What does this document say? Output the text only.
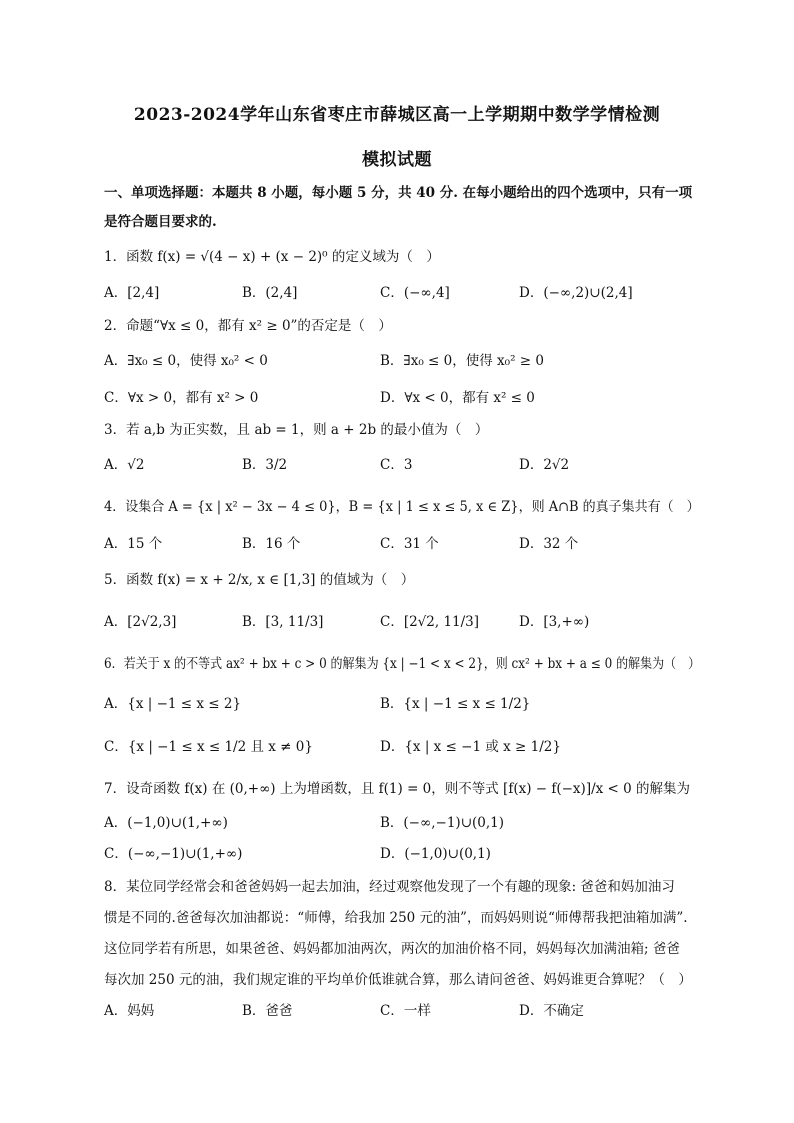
2023-2024学年山东省枣庄市薛城区高一上学期期中数学学情检测
模拟试题
一、单项选择题：本题共 8 小题，每小题 5 分，共 40 分. 在每小题给出的四个选项中，只有一项
是符合题目要求的.
1．函数 f(x) = √(4 − x) + (x − 2)⁰ 的定义域为（　）
A．[2,4]	B．(2,4]	C．(−∞,4]	D．(−∞,2)∪(2,4]
2．命题“∀x ≤ 0，都有 x² ≥ 0”的否定是（　）
A．∃x₀ ≤ 0，使得 x₀² < 0	B．∃x₀ ≤ 0，使得 x₀² ≥ 0
C．∀x > 0，都有 x² > 0	D．∀x < 0，都有 x² ≤ 0
3．若 a,b 为正实数，且 ab = 1，则 a + 2b 的最小值为（　）
A．√2	B．3/2	C．3	D．2√2
4．设集合 A = {x | x² − 3x − 4 ≤ 0}，B = {x | 1 ≤ x ≤ 5, x ∈ Z}，则 A∩B 的真子集共有（　）
A．15 个	B．16 个	C．31 个	D．32 个
5．函数 f(x) = x + 2/x, x ∈ [1,3] 的值域为（　）
A．[2√2,3]	B．[3, 11/3]	C．[2√2, 11/3]	D．[3,+∞)
6．若关于 x 的不等式 ax² + bx + c > 0 的解集为 {x | −1 < x < 2}，则 cx² + bx + a ≤ 0 的解集为（　）
A．{x | −1 ≤ x ≤ 2}	B．{x | −1 ≤ x ≤ 1/2}
C．{x | −1 ≤ x ≤ 1/2 且 x ≠ 0}	D．{x | x ≤ −1 或 x ≥ 1/2}
7．设奇函数 f(x) 在 (0,+∞) 上为增函数，且 f(1) = 0，则不等式 [f(x) − f(−x)]/x < 0 的解集为
A．(−1,0)∪(1,+∞)	B．(−∞,−1)∪(0,1)
C．(−∞,−1)∪(1,+∞)	D．(−1,0)∪(0,1)
8．某位同学经常会和爸爸妈妈一起去加油，经过观察他发现了一个有趣的现象: 爸爸和妈加油习
惯是不同的.爸爸每次加油都说：“师傅，给我加 250 元的油”，而妈妈则说“师傅帮我把油箱加满”.
这位同学若有所思，如果爸爸、妈妈都加油两次，两次的加油价格不同，妈妈每次加满油箱; 爸爸
每次加 250 元的油，我们规定谁的平均单价低谁就合算，那么请问爸爸、妈妈谁更合算呢？（　）
A．妈妈	B．爸爸	C．一样	D．不确定
